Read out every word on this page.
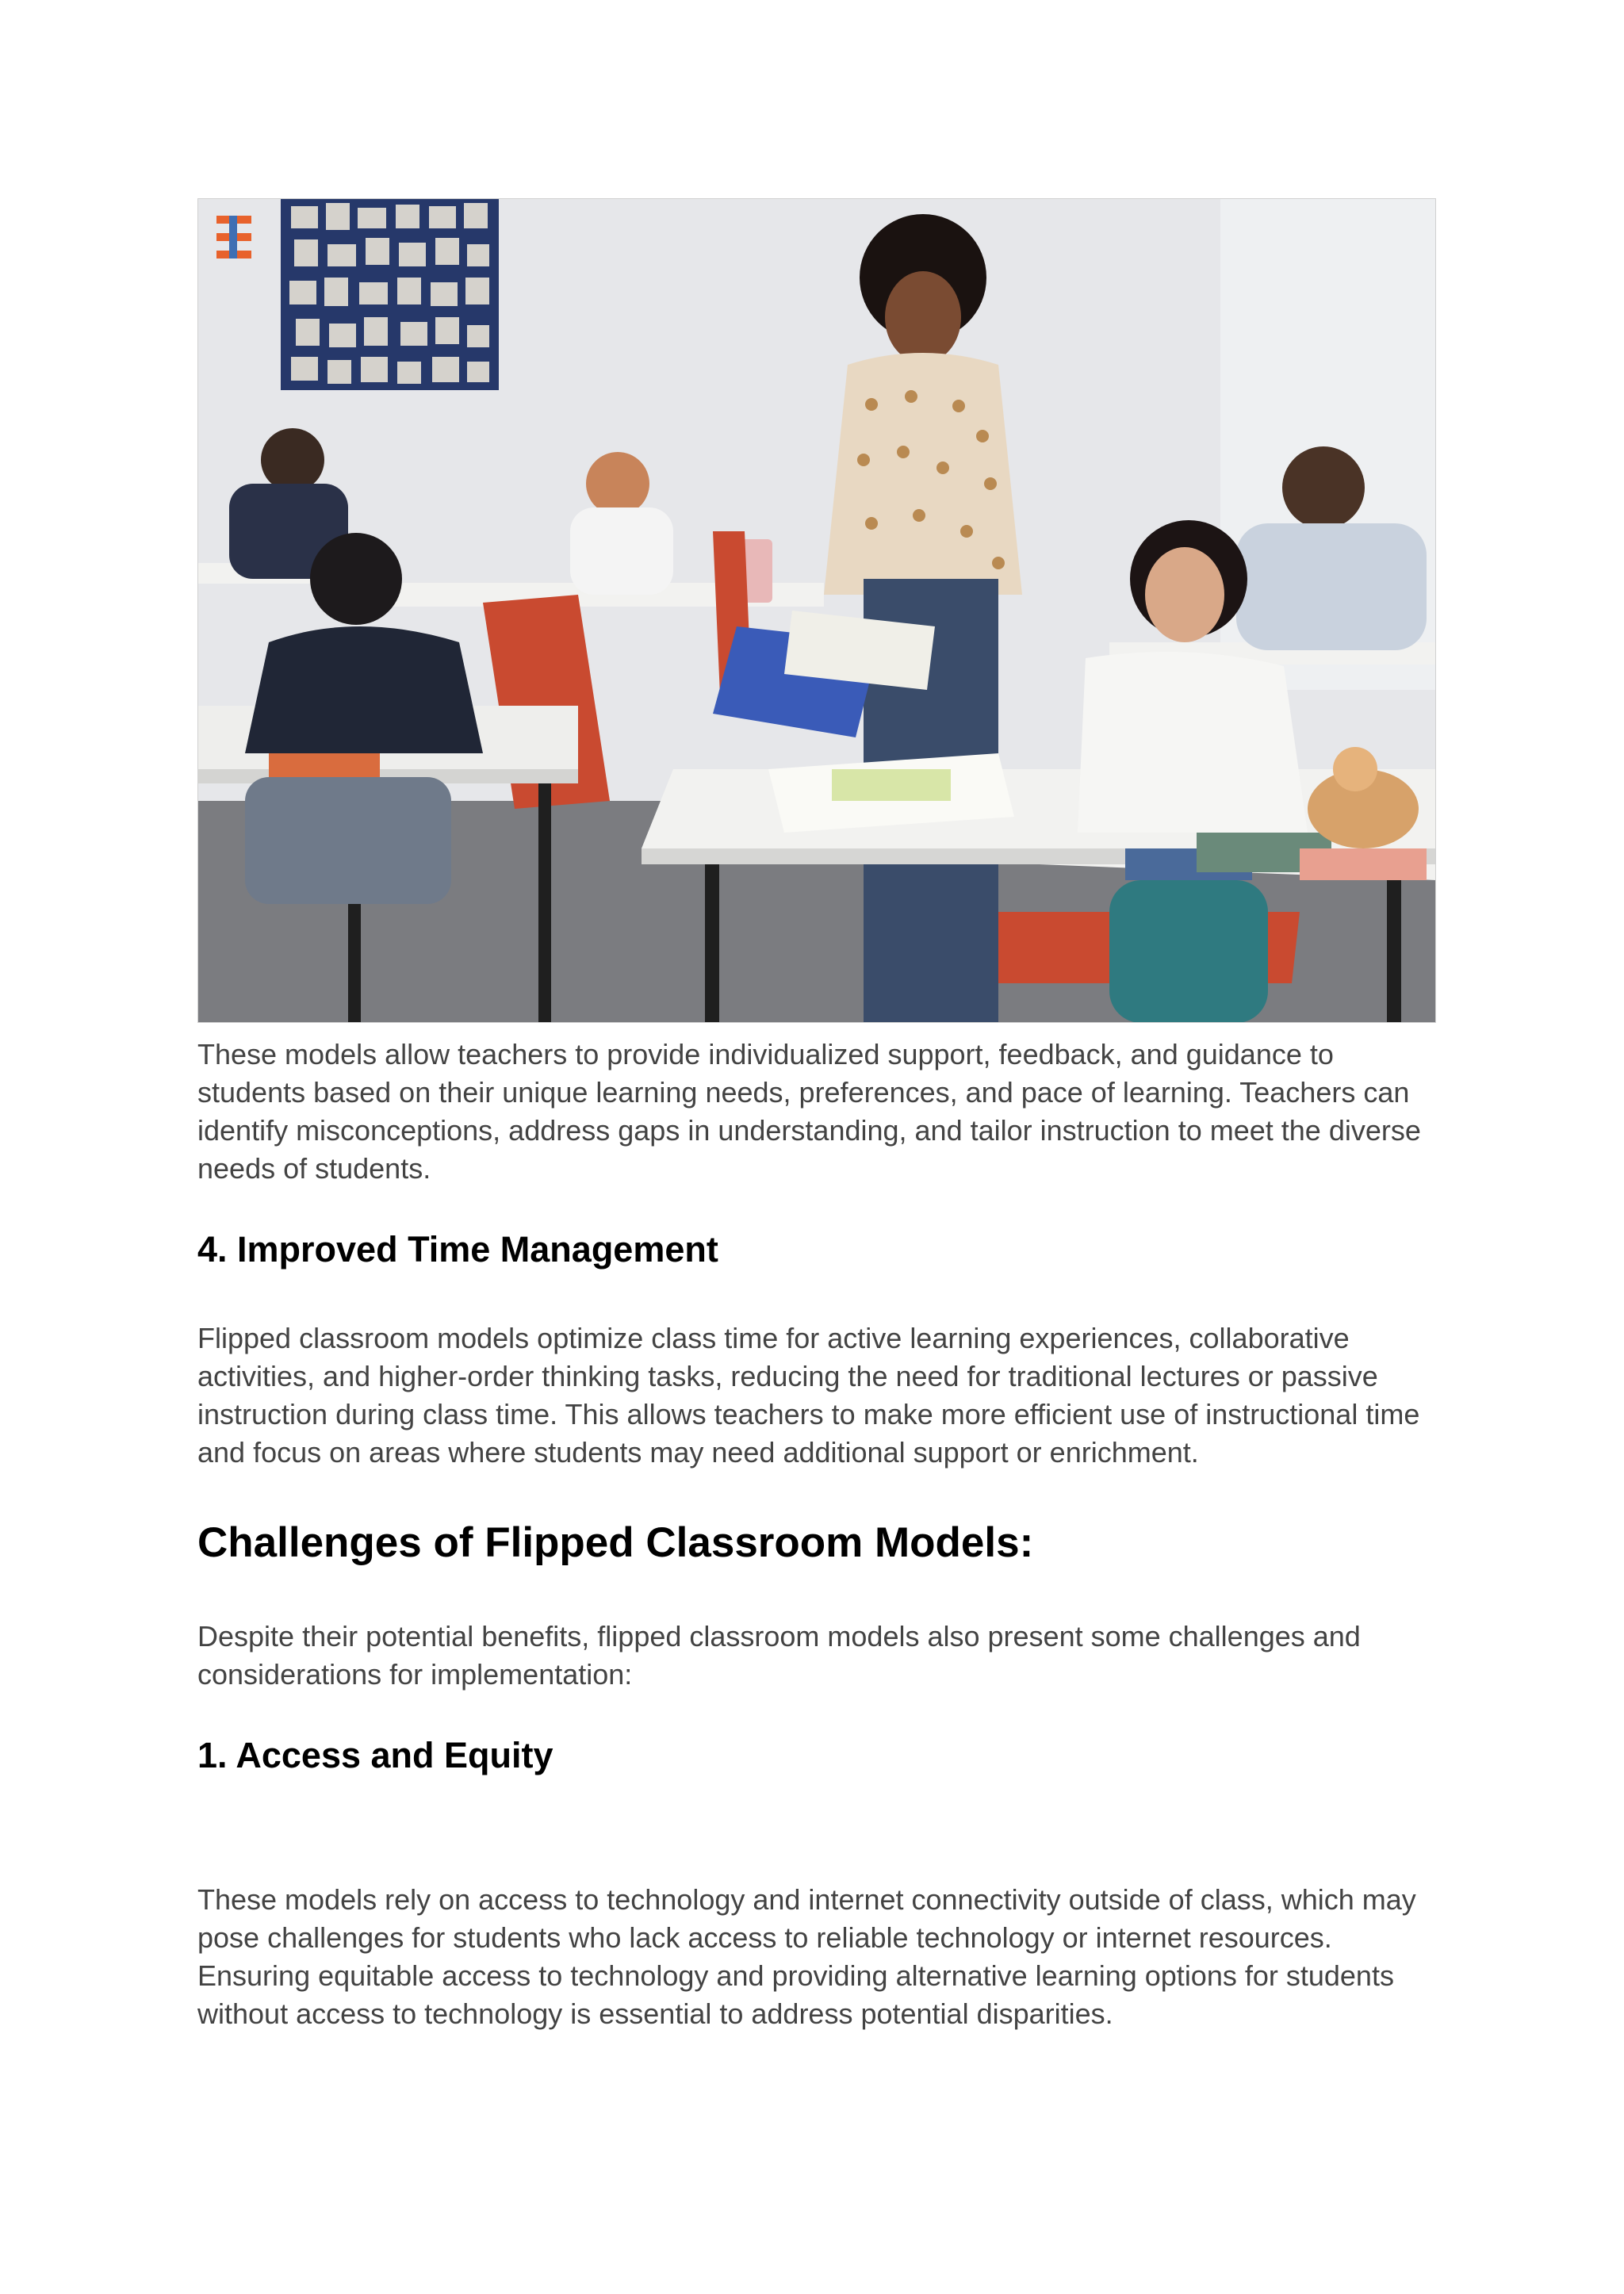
These models allow teachers to provide individualized support, feedback, and guidance to students based on their unique learning needs, preferences, and pace of learning. Teachers can identify misconceptions, address gaps in understanding, and tailor instruction to meet the diverse needs of students.

4. Improved Time Management

Flipped classroom models optimize class time for active learning experiences, collaborative activities, and higher-order thinking tasks, reducing the need for traditional lectures or passive instruction during class time. This allows teachers to make more efficient use of instructional time and focus on areas where students may need additional support or enrichment.

Challenges of Flipped Classroom Models:

Despite their potential benefits, flipped classroom models also present some challenges and considerations for implementation:

1. Access and Equity

These models rely on access to technology and internet connectivity outside of class, which may pose challenges for students who lack access to reliable technology or internet resources. Ensuring equitable access to technology and providing alternative learning options for students without access to technology is essential to address potential disparities.
